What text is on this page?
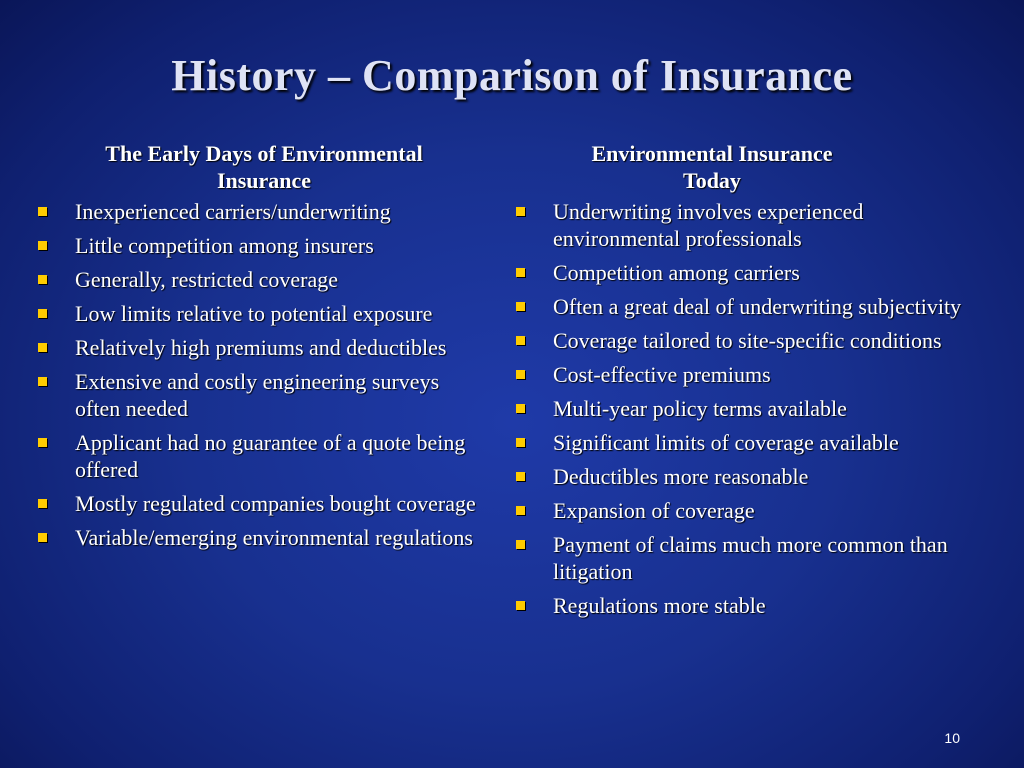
History – Comparison of Insurance
The Early Days of Environmental
Insurance
Inexperienced carriers/underwriting
Little competition among insurers
Generally, restricted coverage
Low limits relative to potential exposure
Relatively high premiums and deductibles
Extensive and costly engineering surveys often needed
Applicant had no guarantee of a quote being offered
Mostly regulated companies bought coverage
Variable/emerging environmental regulations
Environmental Insurance
Today
Underwriting involves experienced environmental professionals
Competition among carriers
Often a great deal of underwriting subjectivity
Coverage tailored to site-specific conditions
Cost-effective premiums
Multi-year policy terms available
Significant limits of coverage available
Deductibles more reasonable
Expansion of coverage
Payment of claims much more common than litigation
Regulations more stable
10
